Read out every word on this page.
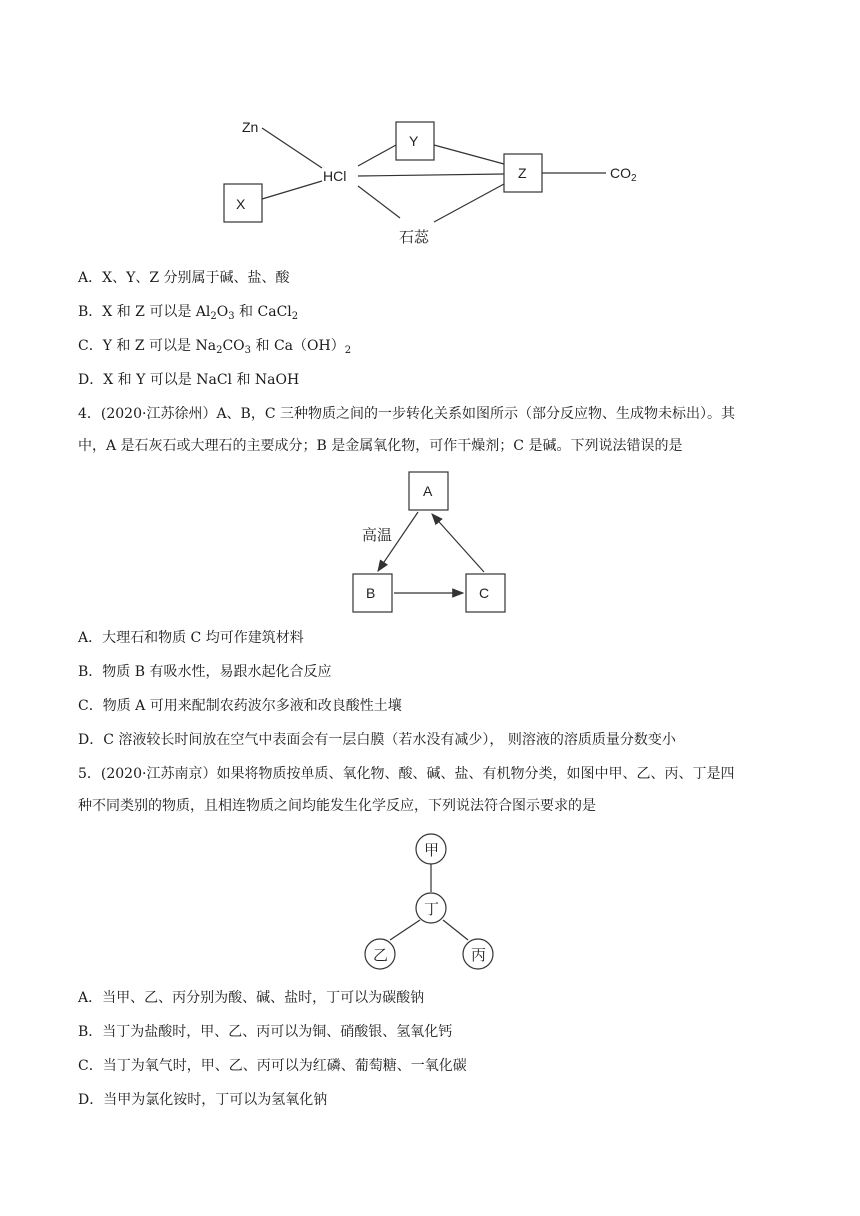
Zn
X
Y
HCl	Z	$CO_2$
石蕊
A．X、Y、Z 分别属于碱、盐、酸
B．X 和 Z 可以是 $Al_2O_3$ 和 CaCl$_2$
C．Y 和 Z 可以是 $Na_2CO_3$ 和 $Ca(OH)_2$
D．X 和 Y 可以是 NaCl 和 NaOH
4．(2020·江苏徐州）A、B，C 三种物质之间的一步转化关系如图所示（部分反应物、生成物未标出）。其
中，A 是石灰石或大理石的主要成分；B 是金属氧化物，可作干燥剂；C 是碱。下列说法错误的是
A
B	C
高温
A．大理石和物质 C 均可作建筑材料
B．物质 B 有吸水性，易跟水起化合反应
C．物质 A 可用来配制农药波尔多液和改良酸性土壤
D．C 溶液较长时间放在空气中表面会有一层白膜（若水没有减少）， 则溶液的溶质质量分数变小
5．(2020·江苏南京）如果将物质按单质、氧化物、酸、碱、盐、有机物分类，如图中甲、乙、丙、丁是四
种不同类别的物质，且相连物质之间均能发生化学反应，下列说法符合图示要求的是
甲
丁
乙	丙
A．当甲、乙、丙分别为酸、碱、盐时，丁可以为碳酸钠
B．当丁为盐酸时，甲、乙、丙可以为铜、硝酸银、氢氧化钙
C．当丁为氧气时，甲、乙、丙可以为红磷、葡萄糖、一氧化碳
D．当甲为氯化铵时，丁可以为氢氧化钠
